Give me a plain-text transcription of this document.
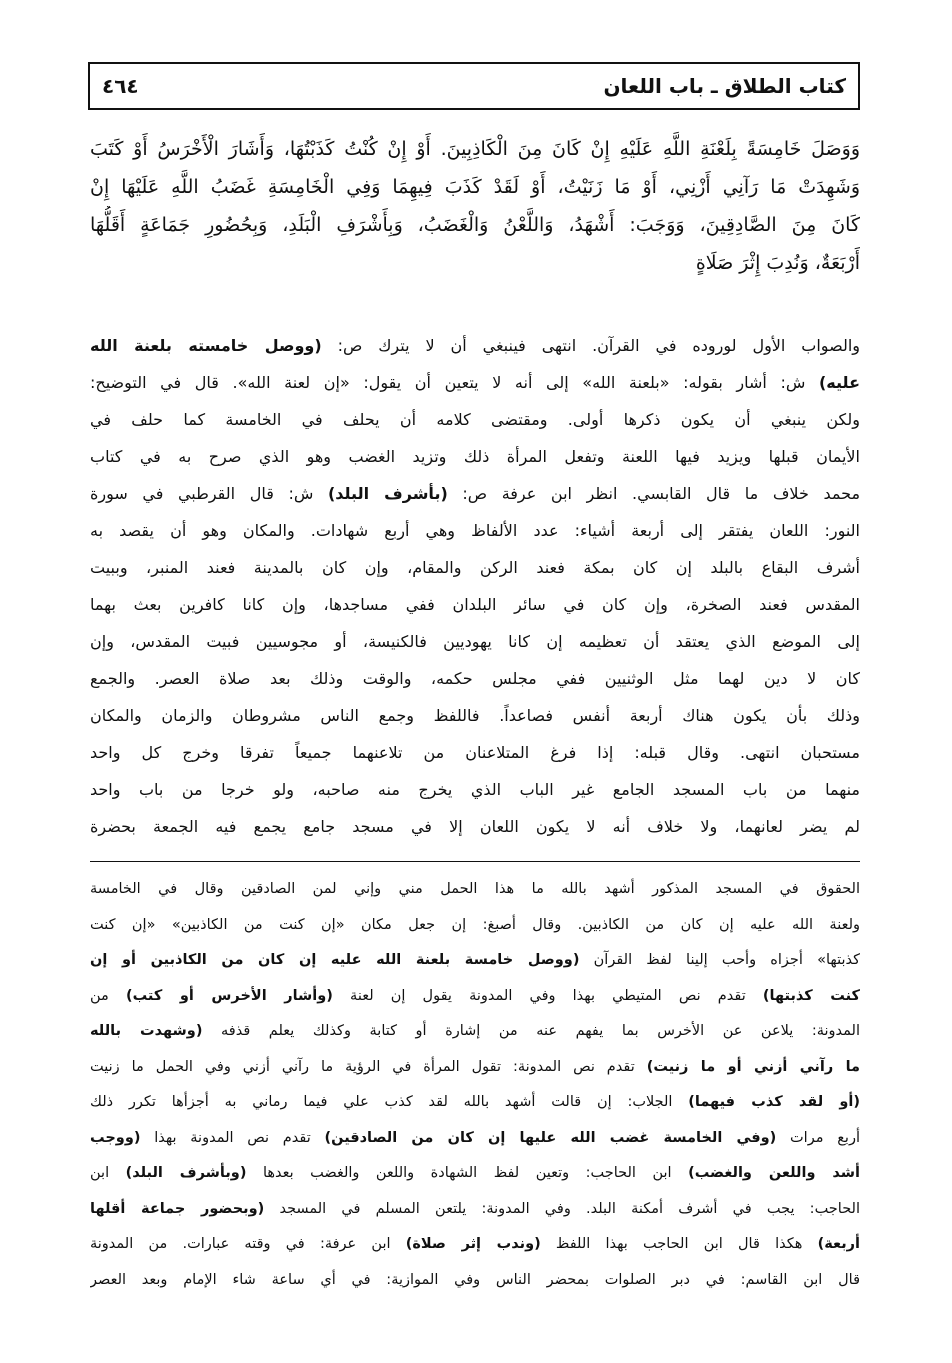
كتاب الطلاق ـ باب اللعان
٤٦٤
وَوَصَلَ خَامِسَةً بِلَعْنَةِ اللَّهِ عَلَيْهِ إِنْ كَانَ مِنَ الْكَاذِبِينَ. أَوْ إِنْ كُنْتُ كَذَبْتُهَا، وَأَشَارَ الْأَخْرَسُ أَوْ كَتَبَ
وَشَهِدَتْ مَا رَآنِي أَزْنِي، أَوْ مَا زَنَيْتُ، أَوْ لَقَدْ كَذَبَ فِيهِمَا وَفِي الْخَامِسَةِ غَضَبُ اللَّهِ عَلَيْهَا إِنْ
كَانَ مِنَ الصَّادِقِينَ، وَوَجَبَ: أَشْهَدُ، وَاللَّعْنُ وَالْغَضَبُ، وَبِأَشْرَفِ الْبَلَدِ، وَبِحُضُورِ جَمَاعَةٍ أَقَلُّهَا
أَرْبَعَةٌ، وَنُدِبَ إِثْرَ صَلَاةٍ
والصواب الأول لوروده في القرآن. انتهى فينبغي أن لا يترك ص: (ووصل خامسته بلعنة الله
عليه) ش: أشار بقوله: «بلعنة الله» إلى أنه لا يتعين أن يقول: «إن لعنة الله». قال في التوضيح:
ولكن ينبغي أن يكون ذكرها أولى. ومقتضى كلامه أن يحلف في الخامسة كما حلف في
الأيمان قبلها ويزيد فيها اللعنة وتفعل المرأة ذلك وتزيد الغضب وهو الذي صرح به في كتاب
محمد خلاف ما قال القابسي. انظر ابن عرفة ص: (بأشرف البلد) ش: قال القرطبي في سورة
النور: اللعان يفتقر إلى أربعة أشياء: عدد الألفاظ وهي أربع شهادات. والمكان وهو أن يقصد به
أشرف البقاع بالبلد إن كان بمكة فعند الركن والمقام، وإن كان بالمدينة فعند المنبر، وببيت
المقدس فعند الصخرة، وإن كان في سائر البلدان ففي مساجدها، وإن كانا كافرين بعث بهما
إلى الموضع الذي يعتقد أن تعظيمه إن كانا يهوديين فالكنيسة، أو مجوسيين فبيت المقدس، وإن
كان لا دين لهما مثل الوثنيين ففي مجلس حكمه، والوقت وذلك بعد صلاة العصر. والجمع
وذلك بأن يكون هناك أربعة أنفس فصاعداً. فاللفظ وجمع الناس مشروطان والزمان والمكان
مستحبان انتهى. وقال قبله: إذا فرغ المتلاعنان من تلاعنهما جميعاً تفرقا وخرج كل واحد
منهما من باب المسجد الجامع غير الباب الذي يخرج منه صاحبه، ولو خرجا من باب واحد
لم يضر لعانهما، ولا خلاف أنه لا يكون اللعان إلا في مسجد جامع يجمع فيه الجمعة بحضرة
الحقوق في المسجد المذكور أشهد بالله ما هذا الحمل مني وإني لمن الصادقين وقال في الخامسة
ولعنة الله عليه إن كان من الكاذبين. وقال أصبغ: إن جعل مكان «إن كنت من الكاذبين» «إن كنت
كذبتها» أجزاه وأحب إلينا لفظ القرآن (ووصل خامسة بلعنة الله عليه إن كان من الكاذبين أو إن
كنت كذبتها) تقدم نص المتيطي بهذا وفي المدونة يقول إن لعنة (وأشار الأخرس أو كتب) من
المدونة: يلاعن عن الأخرس بما يفهم عنه من إشارة أو كتابة وكذلك يعلم قذفه (وشهدت بالله
ما رآني أزني أو ما زنيت) تقدم نص المدونة: تقول المرأة في الرؤية ما رآني أزني وفي الحمل ما زنيت
(أو لقد كذب فيهما) الجلاب: إن قالت أشهد بالله لقد كذب علي فيما رماني به أجزأها تكرر ذلك
أربع مرات (وفي الخامسة غضب الله عليها إن كان من الصادقين) تقدم نص المدونة بهذا (ووجب
أشد واللعن والغضب) ابن الحاجب: وتعين لفظ الشهادة واللعن والغضب بعدها (وبأشرف البلد) ابن
الحاجب: يجب في أشرف أمكنة البلد. وفي المدونة: يلتعن المسلم في المسجد (وبحضور جماعة أقلها
أربعة) هكذا قال ابن الحاجب بهذا اللفظ (وندب إثر صلاة) ابن عرفة: في وقته عبارات. من المدونة
قال ابن القاسم: في دبر الصلوات بمحضر الناس وفي الموازية: في أي ساعة شاء الإمام وبعد العصر
